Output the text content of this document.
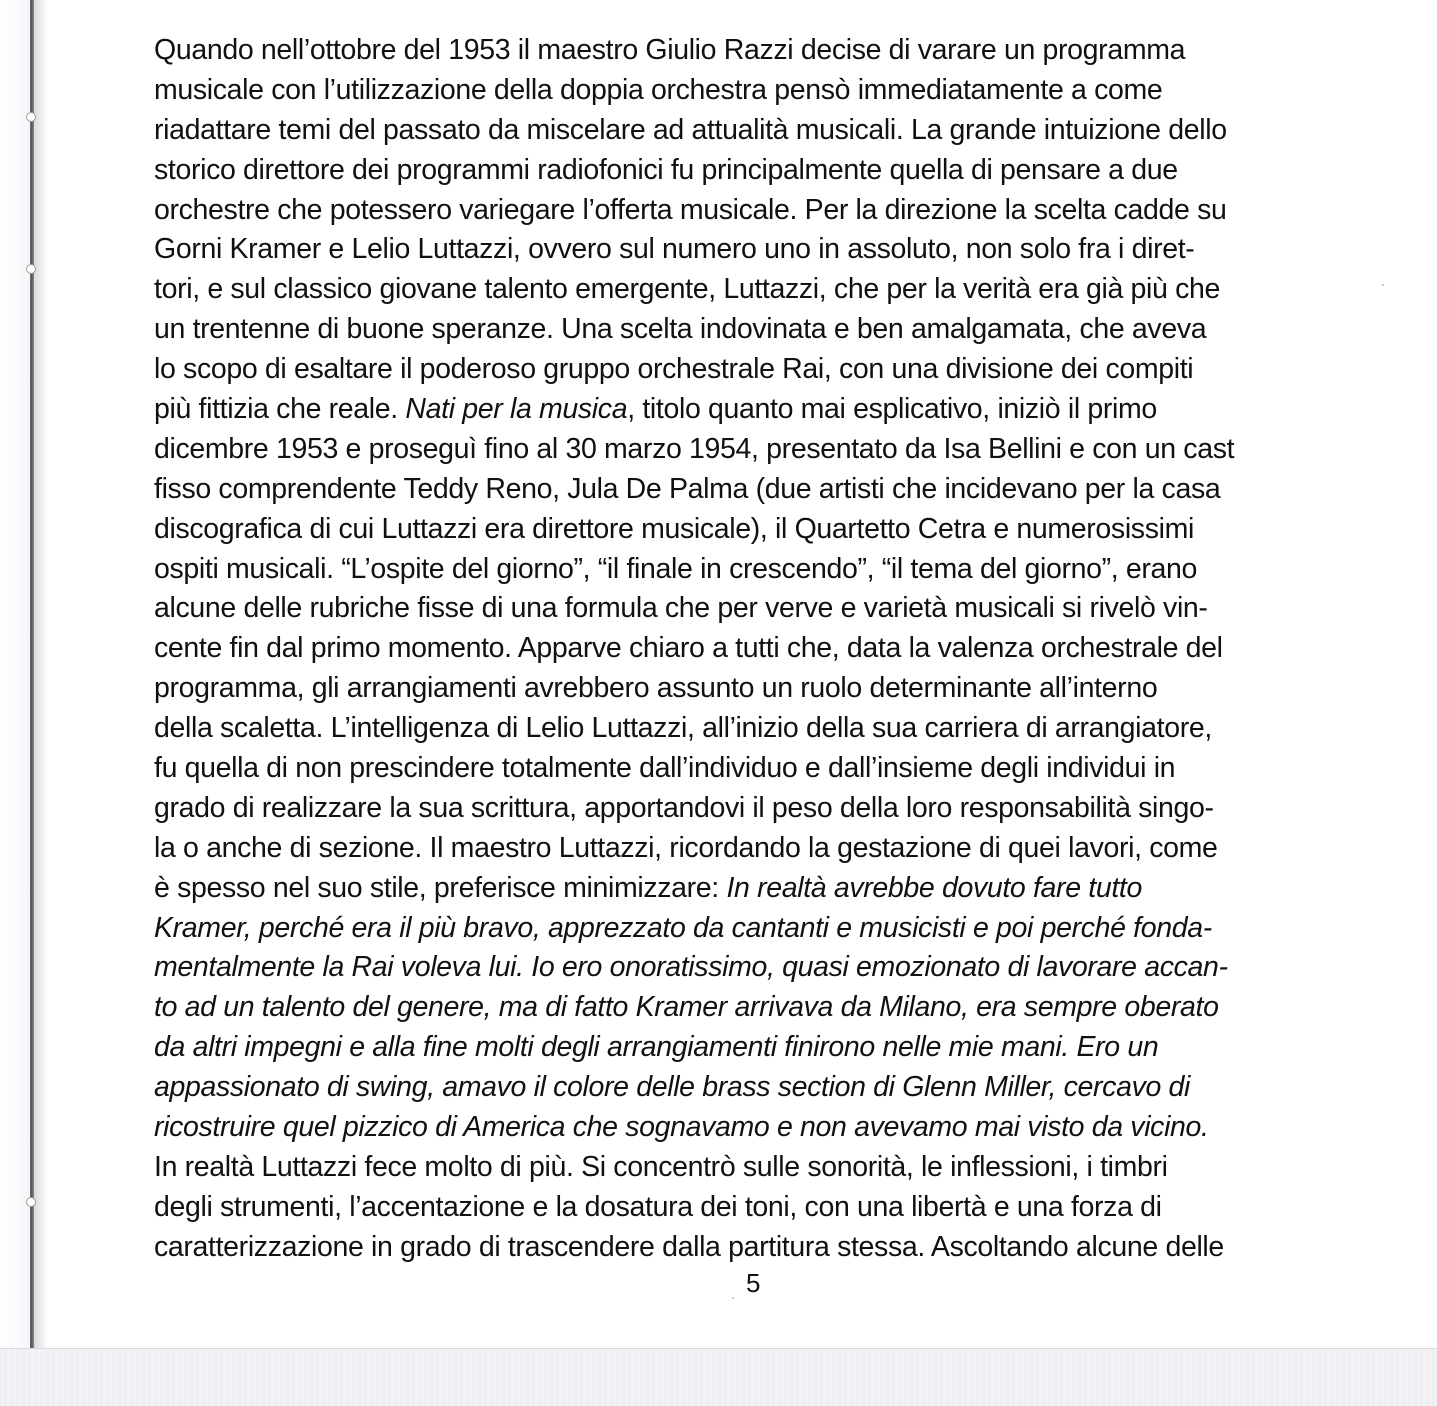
Quando nell’ottobre del 1953 il maestro Giulio Razzi decise di varare un programma
musicale con l’utilizzazione della doppia orchestra pensò immediatamente a come
riadattare temi del passato da miscelare ad attualità musicali. La grande intuizione dello
storico direttore dei programmi radiofonici fu principalmente quella di pensare a due
orchestre che potessero variegare l’offerta musicale. Per la direzione la scelta cadde su
Gorni Kramer e Lelio Luttazzi, ovvero sul numero uno in assoluto, non solo fra i diret-
tori, e sul classico giovane talento emergente, Luttazzi, che per la verità era già più che
un trentenne di buone speranze. Una scelta indovinata e ben amalgamata, che aveva
lo scopo di esaltare il poderoso gruppo orchestrale Rai, con una divisione dei compiti
più fittizia che reale. Nati per la musica, titolo quanto mai esplicativo, iniziò il primo
dicembre 1953 e proseguì fino al 30 marzo 1954, presentato da Isa Bellini e con un cast
fisso comprendente Teddy Reno, Jula De Palma (due artisti che incidevano per la casa
discografica di cui Luttazzi era direttore musicale), il Quartetto Cetra e numerosissimi
ospiti musicali. “L’ospite del giorno”, “il finale in crescendo”, “il tema del giorno”, erano
alcune delle rubriche fisse di una formula che per verve e varietà musicali si rivelò vin-
cente fin dal primo momento. Apparve chiaro a tutti che, data la valenza orchestrale del
programma, gli arrangiamenti avrebbero assunto un ruolo determinante all’interno
della scaletta. L’intelligenza di Lelio Luttazzi, all’inizio della sua carriera di arrangiatore,
fu quella di non prescindere totalmente dall’individuo e dall’insieme degli individui in
grado di realizzare la sua scrittura, apportandovi il peso della loro responsabilità singo-
la o anche di sezione. Il maestro Luttazzi, ricordando la gestazione di quei lavori, come
è spesso nel suo stile, preferisce minimizzare: In realtà avrebbe dovuto fare tutto
Kramer, perché era il più bravo, apprezzato da cantanti e musicisti e poi perché fonda-
mentalmente la Rai voleva lui. Io ero onoratissimo, quasi emozionato di lavorare accan-
to ad un talento del genere, ma di fatto Kramer arrivava da Milano, era sempre oberato
da altri impegni e alla fine molti degli arrangiamenti finirono nelle mie mani. Ero un
appassionato di swing, amavo il colore delle brass section di Glenn Miller, cercavo di
ricostruire quel pizzico di America che sognavamo e non avevamo mai visto da vicino.
In realtà Luttazzi fece molto di più. Si concentrò sulle sonorità, le inflessioni, i timbri
degli strumenti, l’accentazione e la dosatura dei toni, con una libertà e una forza di
caratterizzazione in grado di trascendere dalla partitura stessa. Ascoltando alcune delle
5
